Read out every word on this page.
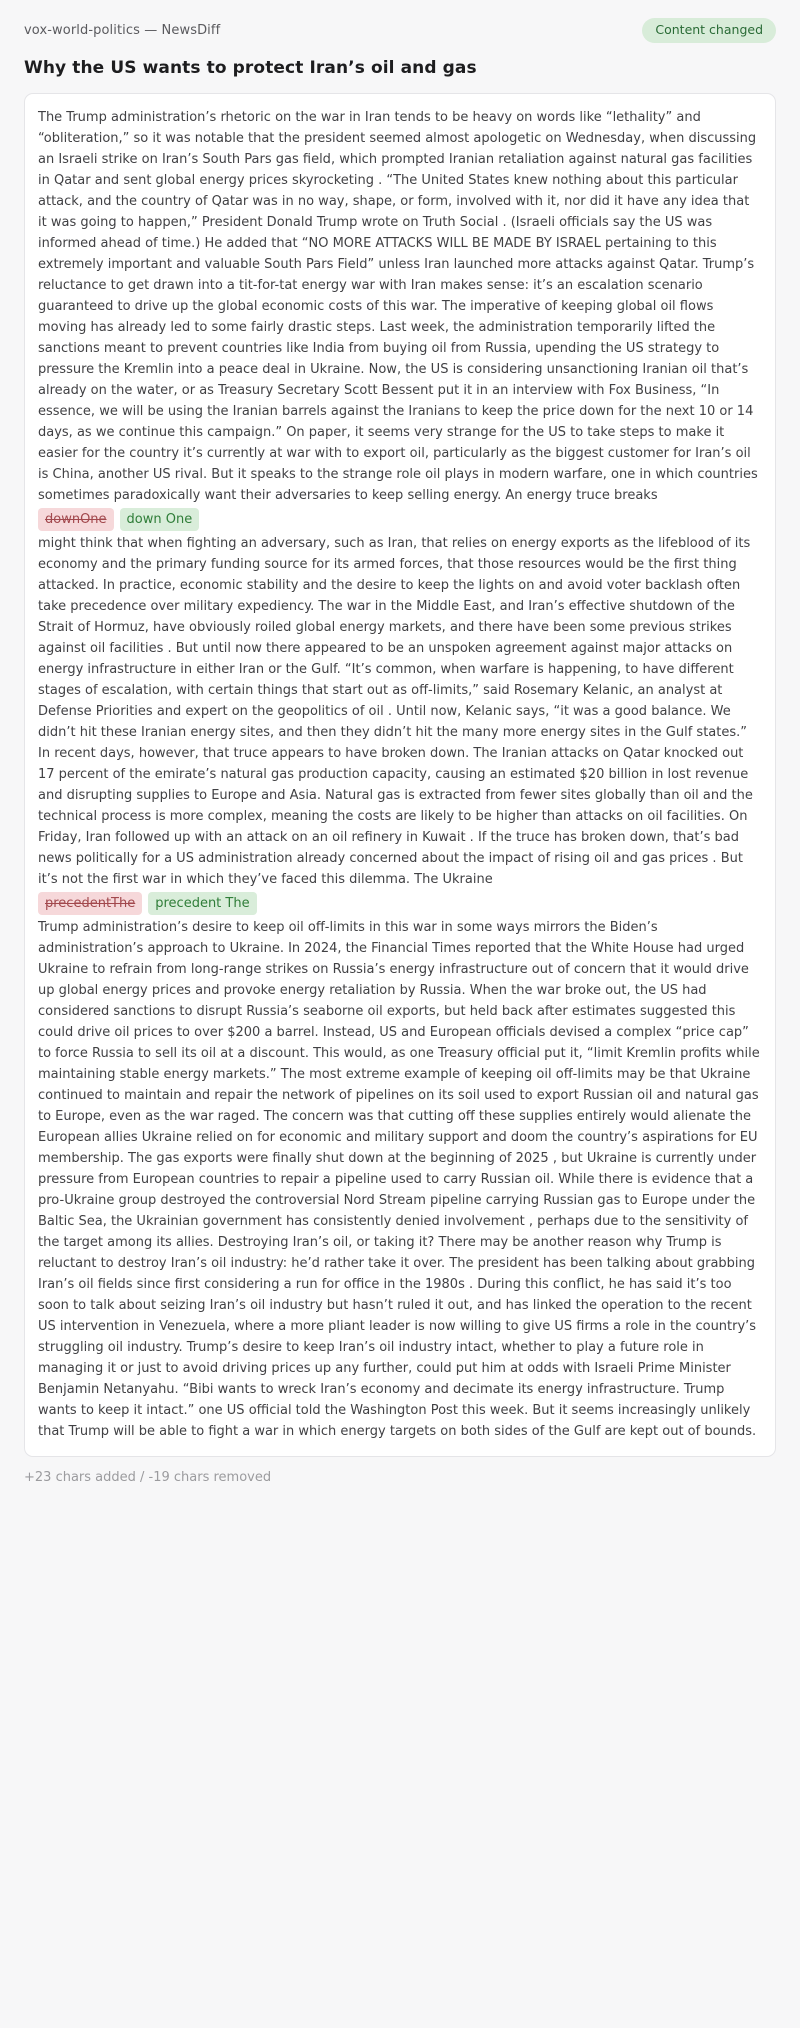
vox-world-politics — NewsDiff	Content changed
Why the US wants to protect Iran’s oil and gas
The Trump administration’s rhetoric on the war in Iran tends to be heavy on words like “lethality” and “obliteration,” so it was notable that the president seemed almost apologetic on Wednesday, when discussing an Israeli strike on Iran’s South Pars gas field, which prompted Iranian retaliation against natural gas facilities in Qatar and sent global energy prices skyrocketing . “The United States knew nothing about this particular attack, and the country of Qatar was in no way, shape, or form, involved with it, nor did it have any idea that it was going to happen,” President Donald Trump wrote on Truth Social . (Israeli officials say the US was informed ahead of time.) He added that “NO MORE ATTACKS WILL BE MADE BY ISRAEL pertaining to this extremely important and valuable South Pars Field” unless Iran launched more attacks against Qatar. Trump’s reluctance to get drawn into a tit-for-tat energy war with Iran makes sense: it’s an escalation scenario guaranteed to drive up the global economic costs of this war. The imperative of keeping global oil flows moving has already led to some fairly drastic steps. Last week, the administration temporarily lifted the sanctions meant to prevent countries like India from buying oil from Russia, upending the US strategy to pressure the Kremlin into a peace deal in Ukraine. Now, the US is considering unsanctioning Iranian oil that’s already on the water, or as Treasury Secretary Scott Bessent put it in an interview with Fox Business, “In essence, we will be using the Iranian barrels against the Iranians to keep the price down for the next 10 or 14 days, as we continue this campaign.” On paper, it seems very strange for the US to take steps to make it easier for the country it’s currently at war with to export oil, particularly as the biggest customer for Iran’s oil is China, another US rival. But it speaks to the strange role oil plays in modern warfare, one in which countries sometimes paradoxically want their adversaries to keep selling energy. An energy truce breaks
downOne down One
might think that when fighting an adversary, such as Iran, that relies on energy exports as the lifeblood of its economy and the primary funding source for its armed forces, that those resources would be the first thing attacked. In practice, economic stability and the desire to keep the lights on and avoid voter backlash often take precedence over military expediency. The war in the Middle East, and Iran’s effective shutdown of the Strait of Hormuz, have obviously roiled global energy markets, and there have been some previous strikes against oil facilities . But until now there appeared to be an unspoken agreement against major attacks on energy infrastructure in either Iran or the Gulf. “It’s common, when warfare is happening, to have different stages of escalation, with certain things that start out as off-limits,” said Rosemary Kelanic, an analyst at Defense Priorities and expert on the geopolitics of oil . Until now, Kelanic says, “it was a good balance. We didn’t hit these Iranian energy sites, and then they didn’t hit the many more energy sites in the Gulf states.” In recent days, however, that truce appears to have broken down. The Iranian attacks on Qatar knocked out 17 percent of the emirate’s natural gas production capacity, causing an estimated $20 billion in lost revenue and disrupting supplies to Europe and Asia. Natural gas is extracted from fewer sites globally than oil and the technical process is more complex, meaning the costs are likely to be higher than attacks on oil facilities. On Friday, Iran followed up with an attack on an oil refinery in Kuwait . If the truce has broken down, that’s bad news politically for a US administration already concerned about the impact of rising oil and gas prices . But it’s not the first war in which they’ve faced this dilemma. The Ukraine
precedentThe precedent The
Trump administration’s desire to keep oil off-limits in this war in some ways mirrors the Biden’s administration’s approach to Ukraine. In 2024, the Financial Times reported that the White House had urged Ukraine to refrain from long-range strikes on Russia’s energy infrastructure out of concern that it would drive up global energy prices and provoke energy retaliation by Russia. When the war broke out, the US had considered sanctions to disrupt Russia’s seaborne oil exports, but held back after estimates suggested this could drive oil prices to over $200 a barrel. Instead, US and European officials devised a complex “price cap” to force Russia to sell its oil at a discount. This would, as one Treasury official put it, “limit Kremlin profits while maintaining stable energy markets.” The most extreme example of keeping oil off-limits may be that Ukraine continued to maintain and repair the network of pipelines on its soil used to export Russian oil and natural gas to Europe, even as the war raged. The concern was that cutting off these supplies entirely would alienate the European allies Ukraine relied on for economic and military support and doom the country’s aspirations for EU membership. The gas exports were finally shut down at the beginning of 2025 , but Ukraine is currently under pressure from European countries to repair a pipeline used to carry Russian oil. While there is evidence that a pro-Ukraine group destroyed the controversial Nord Stream pipeline carrying Russian gas to Europe under the Baltic Sea, the Ukrainian government has consistently denied involvement , perhaps due to the sensitivity of the target among its allies. Destroying Iran’s oil, or taking it? There may be another reason why Trump is reluctant to destroy Iran’s oil industry: he’d rather take it over. The president has been talking about grabbing Iran’s oil fields since first considering a run for office in the 1980s . During this conflict, he has said it’s too soon to talk about seizing Iran’s oil industry but hasn’t ruled it out, and has linked the operation to the recent US intervention in Venezuela, where a more pliant leader is now willing to give US firms a role in the country’s struggling oil industry. Trump’s desire to keep Iran’s oil industry intact, whether to play a future role in managing it or just to avoid driving prices up any further, could put him at odds with Israeli Prime Minister Benjamin Netanyahu. “Bibi wants to wreck Iran’s economy and decimate its energy infrastructure. Trump wants to keep it intact.” one US official told the Washington Post this week. But it seems increasingly unlikely that Trump will be able to fight a war in which energy targets on both sides of the Gulf are kept out of bounds.
+23 chars added / -19 chars removed
